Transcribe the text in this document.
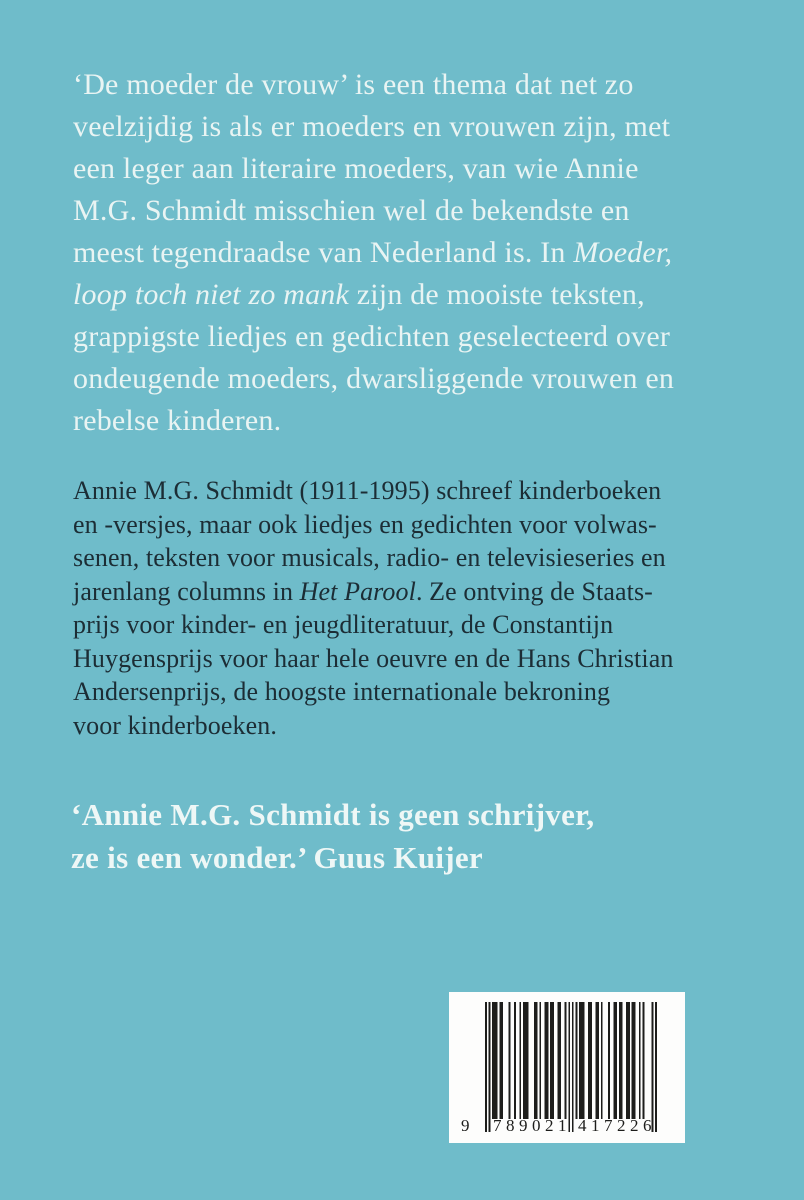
‘De moeder de vrouw’ is een thema dat net zo
veelzijdig is als er moeders en vrouwen zijn, met
een leger aan literaire moeders, van wie Annie
M.G. Schmidt misschien wel de bekendste en
meest tegendraadse van Nederland is. In Moeder,
loop toch niet zo mank zijn de mooiste teksten,
grappigste liedjes en gedichten geselecteerd over
ondeugende moeders, dwarsliggende vrouwen en
rebelse kinderen.
Annie M.G. Schmidt (1911-1995) schreef kinderboeken
en -versjes, maar ook liedjes en gedichten voor volwas-
senen, teksten voor musicals, radio- en televisieseries en
jarenlang columns in Het Parool. Ze ontving de Staats-
prijs voor kinder- en jeugdliteratuur, de Constantijn
Huygensprijs voor haar hele oeuvre en de Hans Christian
Andersenprijs, de hoogste internationale bekroning
voor kinderboeken.
‘Annie M.G. Schmidt is geen schrijver,
ze is een wonder.’ Guus Kuijer
9 789021 417226
